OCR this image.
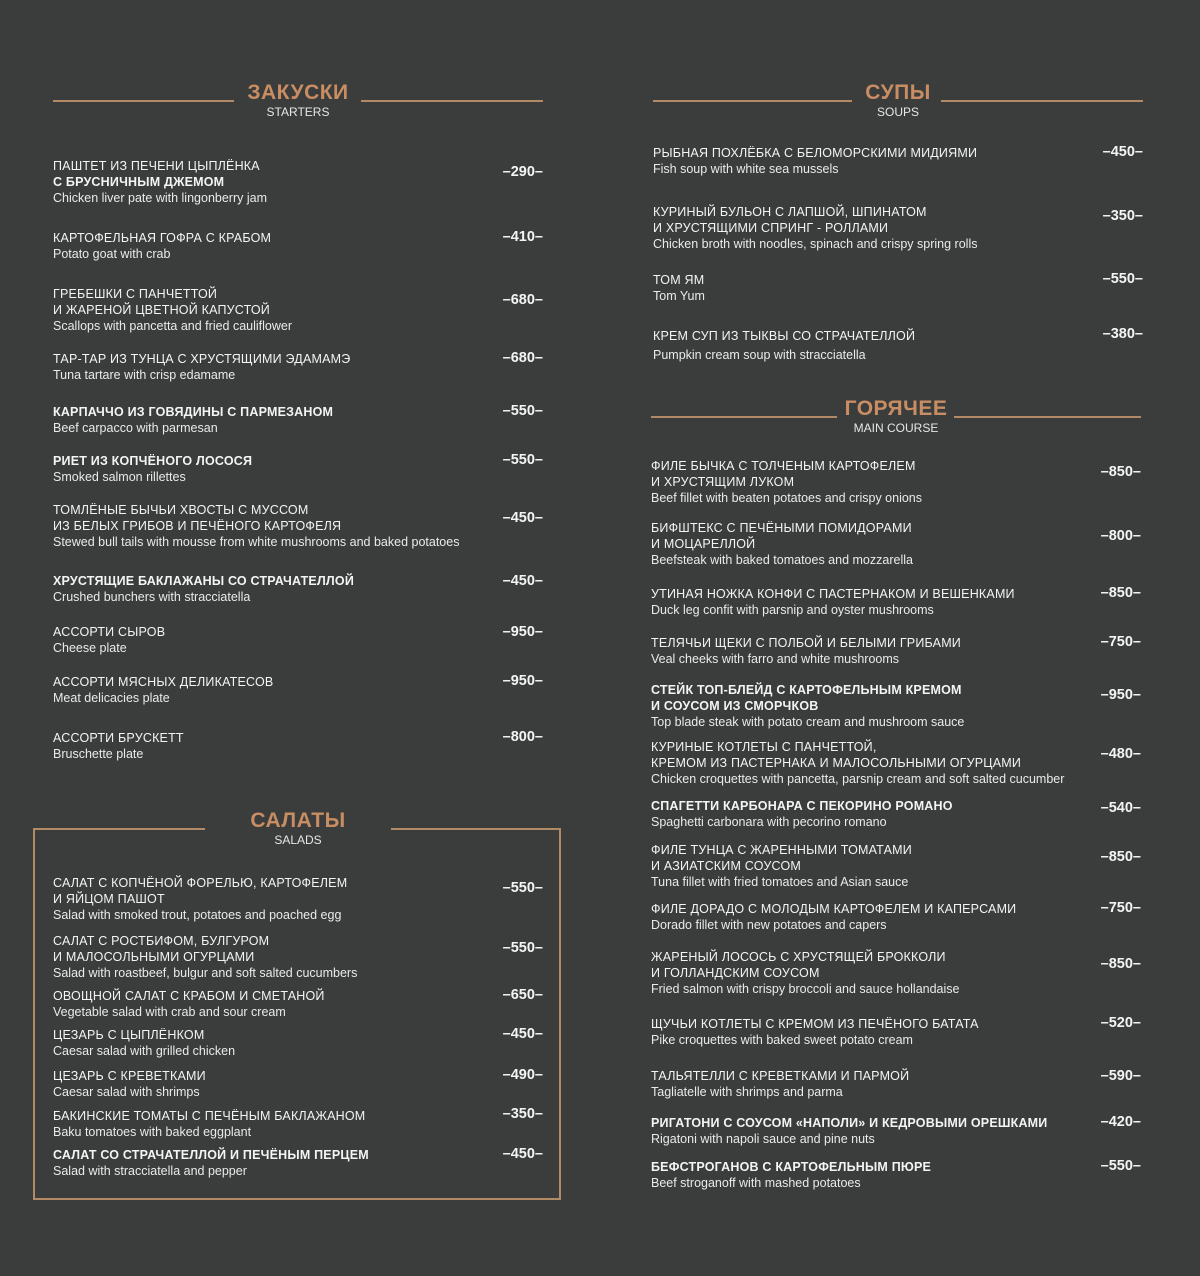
ЗАКУСКИ
STARTERS
ПАШТЕТ ИЗ ПЕЧЕНИ ЦЫПЛЁНКА
С БРУСНИЧНЫМ ДЖЕМОМ
Chicken liver pate with lingonberry jam
–290–
КАРТОФЕЛЬНАЯ ГОФРА С КРАБОМ
Potato goat with crab
–410–
ГРЕБЕШКИ С ПАНЧЕТТОЙ
И ЖАРЕНОЙ ЦВЕТНОЙ КАПУСТОЙ
Scallops with pancetta and fried cauliflower
–680–
ТАР-ТАР ИЗ ТУНЦА С ХРУСТЯЩИМИ ЭДАМАМЭ
Tuna tartare with crisp edamame
–680–
КАРПАЧЧО ИЗ ГОВЯДИНЫ С ПАРМЕЗАНОМ
Beef carpacco with parmesan
–550–
РИЕТ ИЗ КОПЧЁНОГО ЛОСОСЯ
Smoked salmon rillettes
–550–
ТОМЛЁНЫЕ БЫЧЬИ ХВОСТЫ С МУССОМ
ИЗ БЕЛЫХ ГРИБОВ И ПЕЧЁНОГО КАРТОФЕЛЯ
Stewed bull tails with mousse from white mushrooms and baked potatoes
–450–
ХРУСТЯЩИЕ БАКЛАЖАНЫ СО СТРАЧАТЕЛЛОЙ
Crushed bunchers with stracciatella
–450–
АССОРТИ СЫРОВ
Cheese plate
–950–
АССОРТИ МЯСНЫХ ДЕЛИКАТЕСОВ
Meat delicacies plate
–950–
АССОРТИ БРУСКЕТТ
Bruschette plate
–800–
САЛАТЫ
SALADS
САЛАТ С КОПЧЁНОЙ ФОРЕЛЬЮ, КАРТОФЕЛЕМ
И ЯЙЦОМ ПАШОТ
Salad with smoked trout, potatoes and poached egg
–550–
САЛАТ С РОСТБИФОМ, БУЛГУРОМ
И МАЛОСОЛЬНЫМИ ОГУРЦАМИ
Salad with roastbeef, bulgur and soft salted cucumbers
–550–
ОВОЩНОЙ САЛАТ С КРАБОМ И СМЕТАНОЙ
Vegetable salad with crab and sour cream
–650–
ЦЕЗАРЬ С ЦЫПЛЁНКОМ
Caesar salad with grilled chicken
–450–
ЦЕЗАРЬ С КРЕВЕТКАМИ
Caesar salad with shrimps
–490–
БАКИНСКИЕ ТОМАТЫ С ПЕЧЁНЫМ БАКЛАЖАНОМ
Baku tomatoes with baked eggplant
–350–
САЛАТ СО СТРАЧАТЕЛЛОЙ И ПЕЧЁНЫМ ПЕРЦЕМ
Salad with stracciatella and pepper
–450–
СУПЫ
SOUPS
РЫБНАЯ ПОХЛЁБКА С БЕЛОМОРСКИМИ МИДИЯМИ
Fish soup with white sea mussels
–450–
КУРИНЫЙ БУЛЬОН С ЛАПШОЙ, ШПИНАТОМ
И ХРУСТЯЩИМИ СПРИНГ - РОЛЛАМИ
Chicken broth with noodles, spinach and crispy spring rolls
–350–
ТОМ ЯМ
Tom Yum
–550–
КРЕМ СУП ИЗ ТЫКВЫ СО СТРАЧАТЕЛЛОЙ
Pumpkin cream soup with stracciatella
–380–
ГОРЯЧЕЕ
MAIN COURSE
ФИЛЕ БЫЧКА С ТОЛЧЕНЫМ КАРТОФЕЛЕМ
И ХРУСТЯЩИМ ЛУКОМ
Beef fillet with beaten potatoes and crispy onions
–850–
БИФШТЕКС С ПЕЧЁНЫМИ ПОМИДОРАМИ
И МОЦАРЕЛЛОЙ
Beefsteak with baked tomatoes and mozzarella
–800–
УТИНАЯ НОЖКА КОНФИ С ПАСТЕРНАКОМ И ВЕШЕНКАМИ
Duck leg confit with parsnip and oyster mushrooms
–850–
ТЕЛЯЧЬИ ЩЕКИ С ПОЛБОЙ И БЕЛЫМИ ГРИБАМИ
Veal cheeks with farro and white mushrooms
–750–
СТЕЙК ТОП-БЛЕЙД С КАРТОФЕЛЬНЫМ КРЕМОМ
И СОУСОМ ИЗ СМОРЧКОВ
Top blade steak with potato cream and mushroom sauce
–950–
КУРИНЫЕ КОТЛЕТЫ С ПАНЧЕТТОЙ,
КРЕМОМ ИЗ ПАСТЕРНАКА И МАЛОСОЛЬНЫМИ ОГУРЦАМИ
Chicken croquettes with pancetta, parsnip cream and soft salted cucumber
–480–
СПАГЕТТИ КАРБОНАРА С ПЕКОРИНО РОМАНО
Spaghetti carbonara with pecorino romano
–540–
ФИЛЕ ТУНЦА С ЖАРЕННЫМИ ТОМАТАМИ
И АЗИАТСКИМ СОУСОМ
Tuna fillet with fried tomatoes and Asian sauce
–850–
ФИЛЕ ДОРАДО С МОЛОДЫМ КАРТОФЕЛЕМ И КАПЕРСАМИ
Dorado fillet with new potatoes and capers
–750–
ЖАРЕНЫЙ ЛОСОСЬ С ХРУСТЯЩЕЙ БРОККОЛИ
И ГОЛЛАНДСКИМ СОУСОМ
Fried salmon with crispy broccoli and sauce hollandaise
–850–
ЩУЧЬИ КОТЛЕТЫ С КРЕМОМ ИЗ ПЕЧЁНОГО БАТАТА
Pike croquettes with baked sweet potato cream
–520–
ТАЛЬЯТЕЛЛИ С КРЕВЕТКАМИ И ПАРМОЙ
Tagliatelle with shrimps and parma
–590–
РИГАТОНИ С СОУСОМ «НАПОЛИ» И КЕДРОВЫМИ ОРЕШКАМИ
Rigatoni with napoli sauce and pine nuts
–420–
БЕФСТРОГАНОВ С КАРТОФЕЛЬНЫМ ПЮРЕ
Beef stroganoff with mashed potatoes
–550–
